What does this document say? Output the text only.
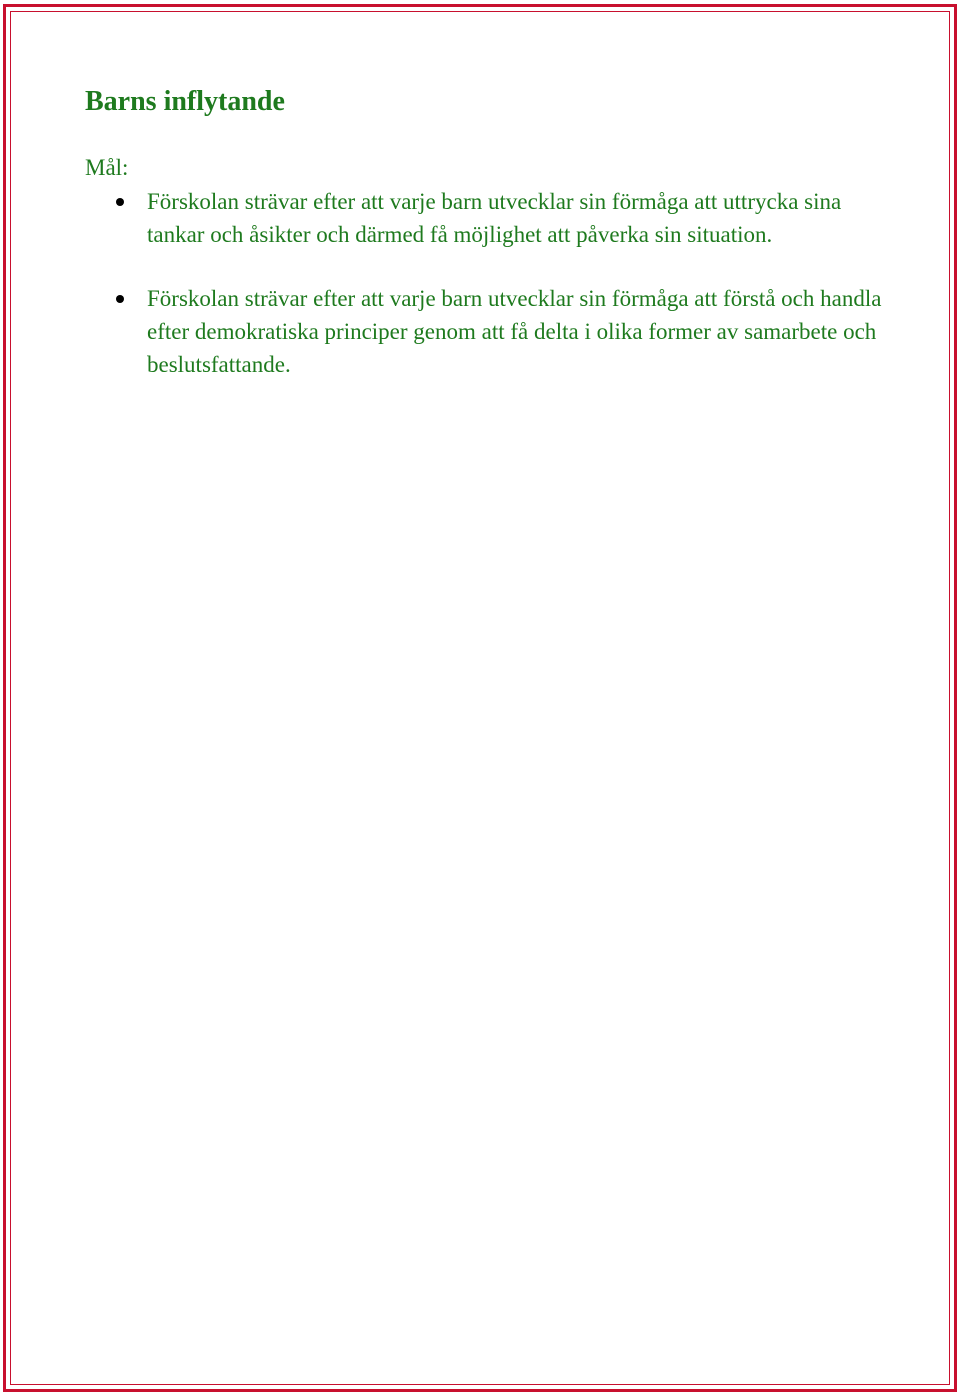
Barns inflytande
Mål:
Förskolan strävar efter att varje barn utvecklar sin förmåga att uttrycka sina tankar och åsikter och därmed få möjlighet att påverka sin situation.
Förskolan strävar efter att varje barn utvecklar sin förmåga att förstå och handla efter demokratiska principer genom att få delta i olika former av samarbete och beslutsfattande.
